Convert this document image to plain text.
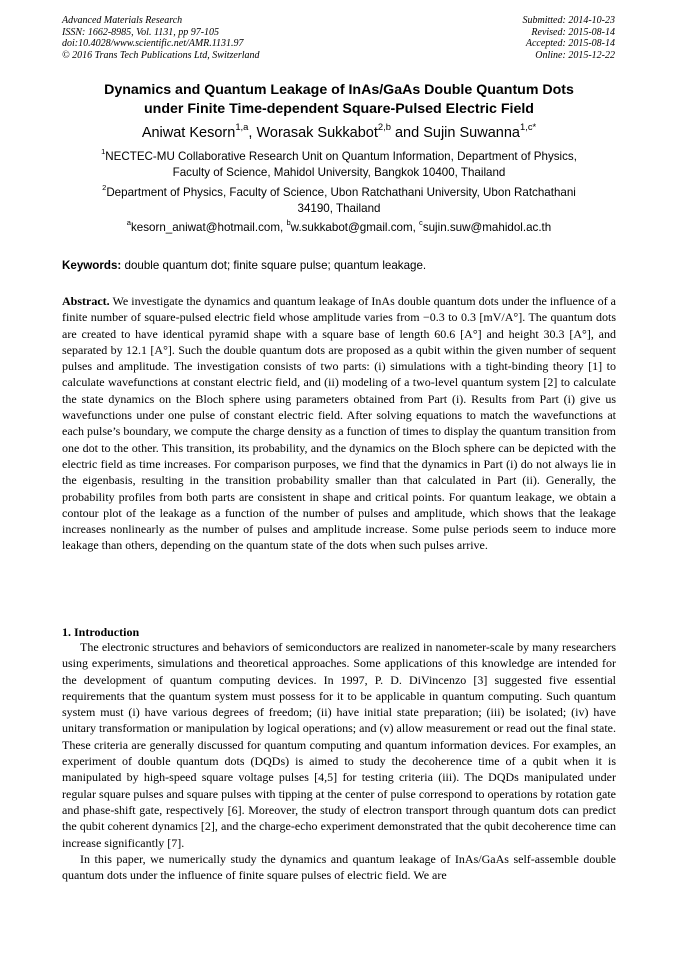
Advanced Materials Research
ISSN: 1662-8985, Vol. 1131, pp 97-105
doi:10.4028/www.scientific.net/AMR.1131.97
© 2016 Trans Tech Publications Ltd, Switzerland
Submitted: 2014-10-23
Revised: 2015-08-14
Accepted: 2015-08-14
Online: 2015-12-22
Dynamics and Quantum Leakage of InAs/GaAs Double Quantum Dots
under Finite Time-dependent Square-Pulsed Electric Field
Aniwat Kesorn$^{1,a}$, Worasak Sukkabot$^{2,b}$ and Sujin Suwanna$^{1,c*}$
$^1$NECTEC-MU Collaborative Research Unit on Quantum Information, Department of Physics,
Faculty of Science, Mahidol University, Bangkok 10400, Thailand
$^2$Department of Physics, Faculty of Science, Ubon Ratchathani University, Ubon Ratchathani
34190, Thailand
$^a$kesorn_aniwat@hotmail.com, $^b$w.sukkabot@gmail.com, $^c$sujin.suw@mahidol.ac.th
Keywords: double quantum dot; finite square pulse; quantum leakage.
Abstract. We investigate the dynamics and quantum leakage of InAs double quantum dots under the influence of a finite number of square-pulsed electric field whose amplitude varies from −0.3 to 0.3 [mV/A°]. The quantum dots are created to have identical pyramid shape with a square base of length 60.6 [A°] and height 30.3 [A°], and separated by 12.1 [A°]. Such the double quantum dots are proposed as a qubit within the given number of sequent pulses and amplitude. The investigation consists of two parts: (i) simulations with a tight-binding theory [1] to calculate wavefunctions at constant electric field, and (ii) modeling of a two-level quantum system [2] to calculate the state dynamics on the Bloch sphere using parameters obtained from Part (i). Results from Part (i) give us wavefunctions under one pulse of constant electric field. After solving equations to match the wavefunctions at each pulse’s boundary, we compute the charge density as a function of times to display the quantum transition from one dot to the other. This transition, its probability, and the dynamics on the Bloch sphere can be depicted with the electric field as time increases. For comparison purposes, we find that the dynamics in Part (i) do not always lie in the eigenbasis, resulting in the transition probability smaller than that calculated in Part (ii). Generally, the probability profiles from both parts are consistent in shape and critical points. For quantum leakage, we obtain a contour plot of the leakage as a function of the number of pulses and amplitude, which shows that the leakage increases nonlinearly as the number of pulses and amplitude increase. Some pulse periods seem to induce more leakage than others, depending on the quantum state of the dots when such pulses arrive.
1. Introduction

The electronic structures and behaviors of semiconductors are realized in nanometer-scale by many researchers using experiments, simulations and theoretical approaches. Some applications of this knowledge are intended for the development of quantum computing devices. In 1997, P. D. DiVincenzo [3] suggested five essential requirements that the quantum system must possess for it to be applicable in quantum computing. Such quantum system must (i) have various degrees of freedom; (ii) have initial state preparation; (iii) be isolated; (iv) have unitary transformation or manipulation by logical operations; and (v) allow measurement or read out the final state. These criteria are generally discussed for quantum computing and quantum information devices. For examples, an experiment of double quantum dots (DQDs) is aimed to study the decoherence time of a qubit when it is manipulated by high-speed square voltage pulses [4,5] for testing criteria (iii). The DQDs manipulated under regular square pulses and square pulses with tipping at the center of pulse correspond to operations by rotation gate and phase-shift gate, respectively [6]. Moreover, the study of electron transport through quantum dots can predict the qubit coherent dynamics [2], and the charge-echo experiment demonstrated that the qubit decoherence time can increase significantly [7].

In this paper, we numerically study the dynamics and quantum leakage of InAs/GaAs self-assemble double quantum dots under the influence of finite square pulses of electric field. We are
